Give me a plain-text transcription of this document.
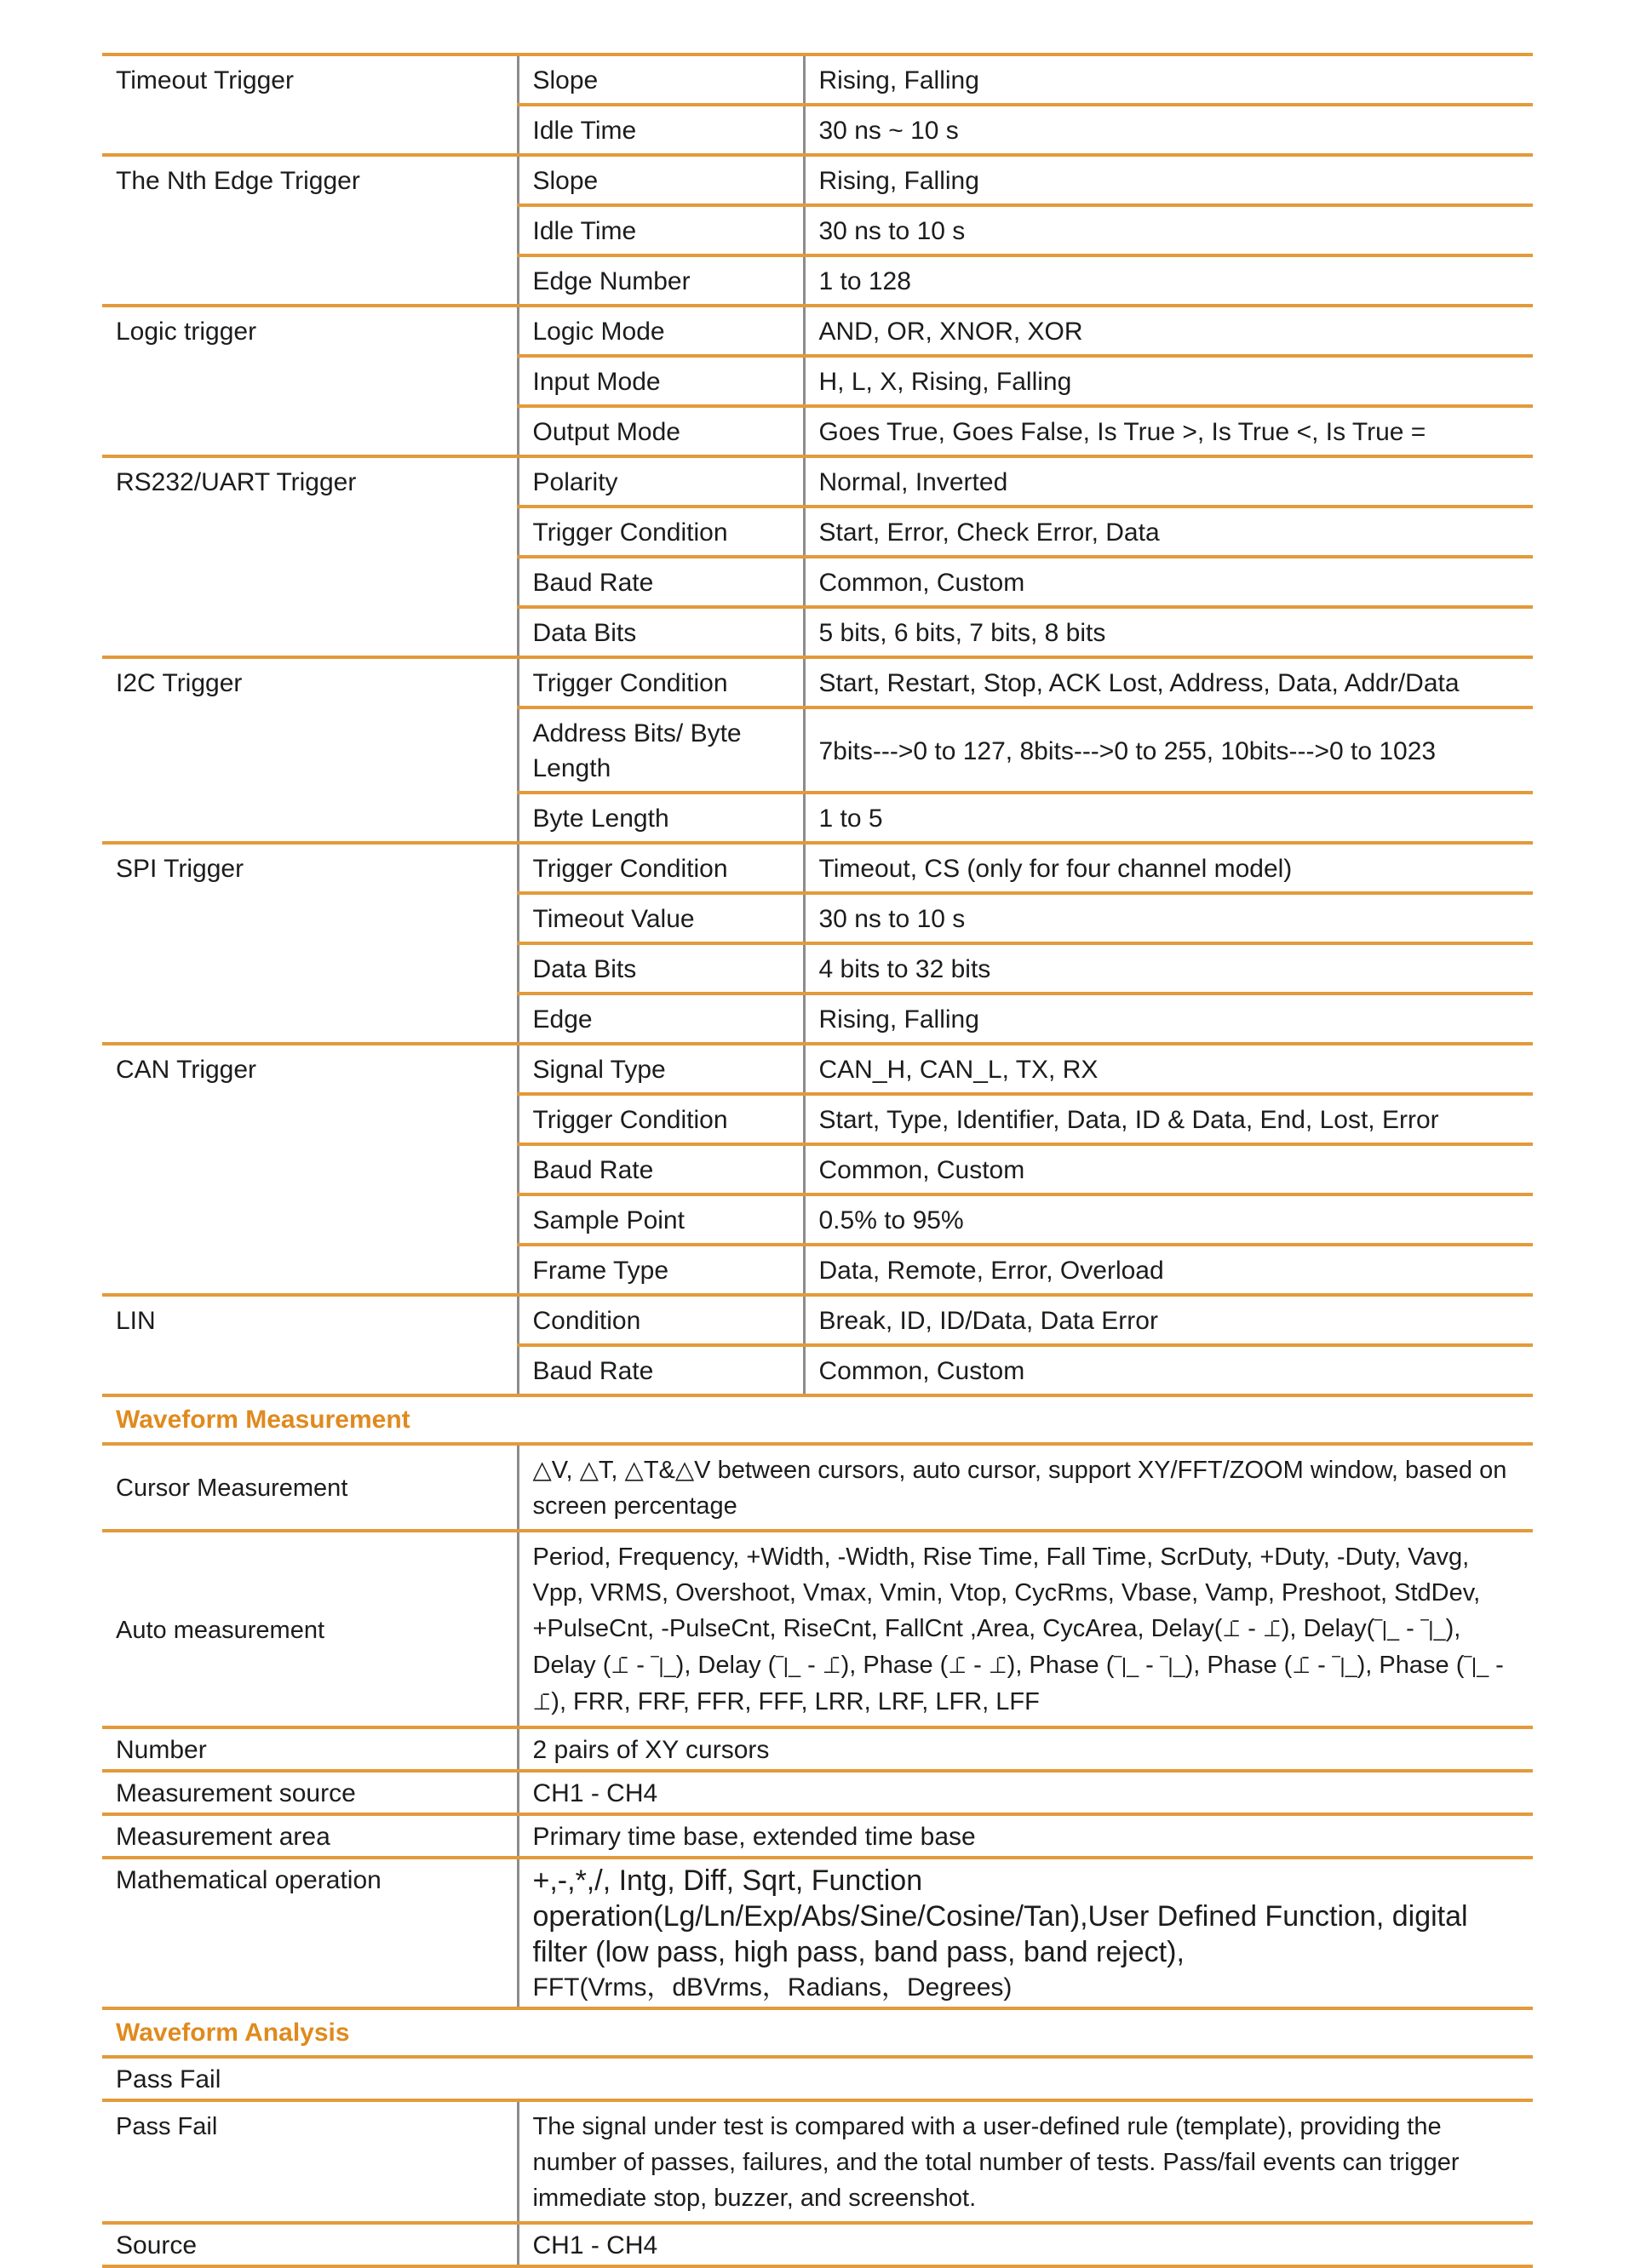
Timeout Trigger	Slope	Rising, Falling
	Idle Time	30 ns ~ 10 s
The Nth Edge Trigger	Slope	Rising, Falling
	Idle Time	30 ns to 10 s
	Edge Number	1 to 128
Logic trigger	Logic Mode	AND, OR, XNOR, XOR
	Input Mode	H, L, X, Rising, Falling
	Output Mode	Goes True, Goes False, Is True >, Is True <, Is True =
RS232/UART Trigger	Polarity	Normal, Inverted
	Trigger Condition	Start, Error, Check Error, Data
	Baud Rate	Common, Custom
	Data Bits	5 bits, 6 bits, 7 bits, 8 bits
I2C Trigger	Trigger Condition	Start, Restart, Stop, ACK Lost, Address, Data, Addr/Data
	Address Bits/ Byte Length	7bits--->0 to 127, 8bits--->0 to 255, 10bits--->0 to 1023
	Byte Length	1 to 5
SPI Trigger	Trigger Condition	Timeout, CS (only for four channel model)
	Timeout Value	30 ns to 10 s
	Data Bits	4 bits to 32 bits
	Edge	Rising, Falling
CAN Trigger	Signal Type	CAN_H, CAN_L, TX, RX
	Trigger Condition	Start, Type, Identifier, Data, ID & Data, End, Lost, Error
	Baud Rate	Common, Custom
	Sample Point	0.5% to 95%
	Frame Type	Data, Remote, Error, Overload
LIN	Condition	Break, ID, ID/Data, Data Error
	Baud Rate	Common, Custom
Waveform Measurement		
Cursor Measurement	△V, △T, △T&△V between cursors, auto cursor, support XY/FFT/ZOOM window, based on screen percentage	
Auto measurement	Period, Frequency, +Width, -Width, Rise Time, Fall Time, ScrDuty, +Duty, -Duty, Vavg, Vpp, VRMS, Overshoot, Vmax, Vmin, Vtop, CycRms, Vbase, Vamp, Preshoot, StdDev, +PulseCnt, -PulseCnt, RiseCnt, FallCnt ,Area, CycArea, Delay(⊥̄ - ⊥̄), Delay(‾|_ - ‾|_), Delay (⊥̄ - ‾|_), Delay (‾|_ - ⊥̄), Phase (⊥̄ - ⊥̄), Phase (‾|_ - ‾|_), Phase (⊥̄ - ‾|_), Phase (‾|_ - ⊥̄), FRR, FRF, FFR, FFF, LRR, LRF, LFR, LFF	
Number	2 pairs of XY cursors	
Measurement source	CH1 - CH4	
Measurement area	Primary time base, extended time base	
Mathematical operation	+,-,*,/, Intg, Diff, Sqrt, Function operation(Lg/Ln/Exp/Abs/Sine/Cosine/Tan),User Defined Function, digital filter (low pass, high pass, band pass, band reject),
FFT(Vrms，dBVrms，Radians，Degrees)	

Waveform Analysis		
Pass Fail		
Pass Fail	The signal under test is compared with a user-defined rule (template), providing the number of passes, failures, and the total number of tests. Pass/fail events can trigger immediate stop, buzzer, and screenshot.	
Source	CH1 - CH4	
